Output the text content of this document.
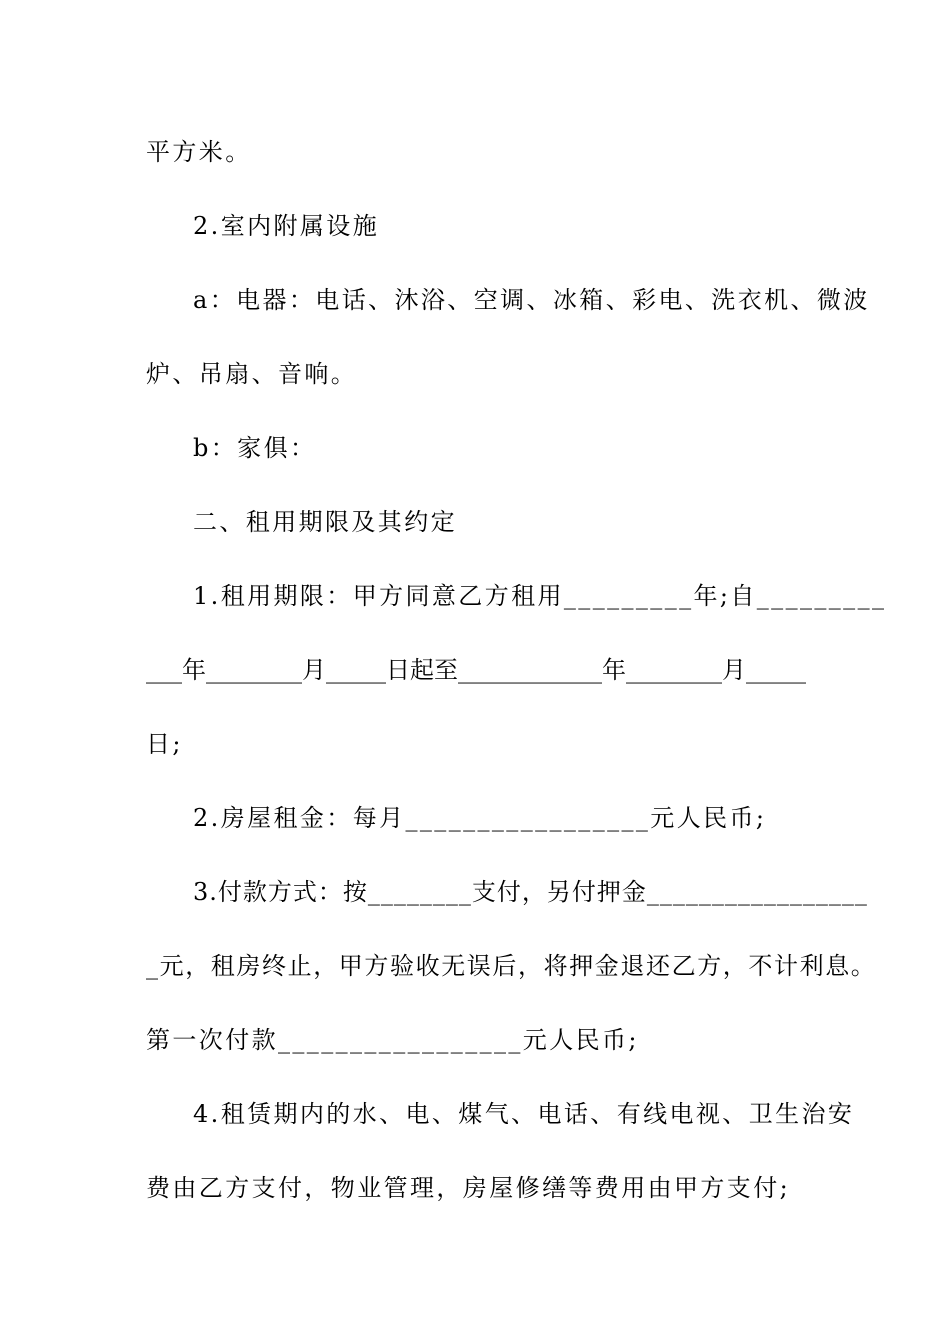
平方米。

2.室内附属设施

a：电器：电话、沐浴、空调、冰箱、彩电、洗衣机、微波

炉、吊扇、音响。

b：家俱：

二、租用期限及其约定

1.租用期限：甲方同意乙方租用_________年;自_________

___年________月_____日起至____________年________月_____

日;

2.房屋租金：每月_________________元人民币;

3.付款方式：按________支付，另付押金_________________

_元，租房终止，甲方验收无误后，将押金退还乙方，不计利息。

第一次付款_________________元人民币;

4.租赁期内的水、电、煤气、电话、有线电视、卫生治安

费由乙方支付，物业管理，房屋修缮等费用由甲方支付;
